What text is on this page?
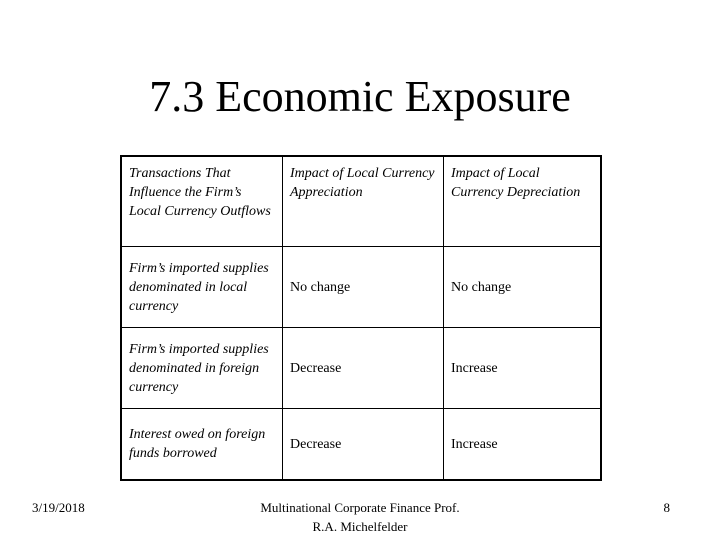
7.3 Economic Exposure
Transactions That Influence the Firm’s Local Currency Outflows	Impact of Local Currency Appreciation	Impact of Local Currency Depreciation
Firm’s imported supplies denominated in local currency	No change	No change
Firm’s imported supplies denominated in foreign currency	Decrease	Increase
Interest owed on foreign funds borrowed	Decrease	Increase
3/19/2018	Multinational Corporate Finance Prof.
R.A. Michelfelder
8
